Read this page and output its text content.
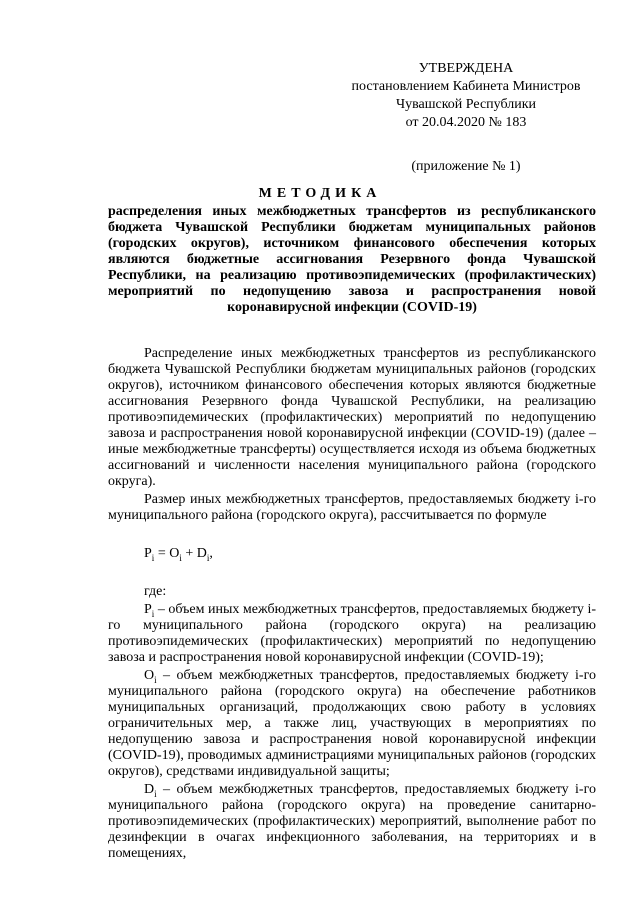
УТВЕРЖДЕНА
постановлением Кабинета Министров
Чувашской Республики
от 20.04.2020 № 183
(приложение № 1)
МЕТОДИКА
распределения иных межбюджетных трансфертов из республиканского бюджета Чувашской Республики бюджетам муниципальных районов (городских округов), источником финансового обеспечения которых являются бюджетные ассигнования Резервного фонда Чувашской Республики, на реализацию противоэпидемических (профилактических) мероприятий по недопущению завоза и распространения новой коронавирусной инфекции (COVID-19)

Распределение иных межбюджетных трансфертов из республиканского бюджета Чувашской Республики бюджетам муниципальных районов (городских округов), источником финансового обеспечения которых являются бюджетные ассигнования Резервного фонда Чувашской Республики, на реализацию противоэпидемических (профилактических) мероприятий по недопущению завоза и распространения новой коронавирусной инфекции (COVID-19) (далее – иные межбюджетные трансферты) осуществляется исходя из объема бюджетных ассигнований и численности населения муниципального района (городского округа).

Размер иных межбюджетных трансфертов, предоставляемых бюджету i-го муниципального района (городского округа), рассчитывается по формуле

$P_i = O_i + D_i$,

где:

$P_i$ – объем иных межбюджетных трансфертов, предоставляемых бюджету i-го муниципального района (городского округа) на реализацию противоэпидемических (профилактических) мероприятий по недопущению завоза и распространения новой коронавирусной инфекции (COVID-19);

$O_i$ – объем межбюджетных трансфертов, предоставляемых бюджету i-го муниципального района (городского округа) на обеспечение работников муниципальных организаций, продолжающих свою работу в условиях ограничительных мер, а также лиц, участвующих в мероприятиях по недопущению завоза и распространения новой коронавирусной инфекции (COVID-19), проводимых администрациями муниципальных районов (городских округов), средствами индивидуальной защиты;

$D_i$ – объем межбюджетных трансфертов, предоставляемых бюджету i-го муниципального района (городского округа) на проведение санитарно-противоэпидемических (профилактических) мероприятий, выполнение работ по дезинфекции в очагах инфекционного заболевания, на территориях и в помещениях,
